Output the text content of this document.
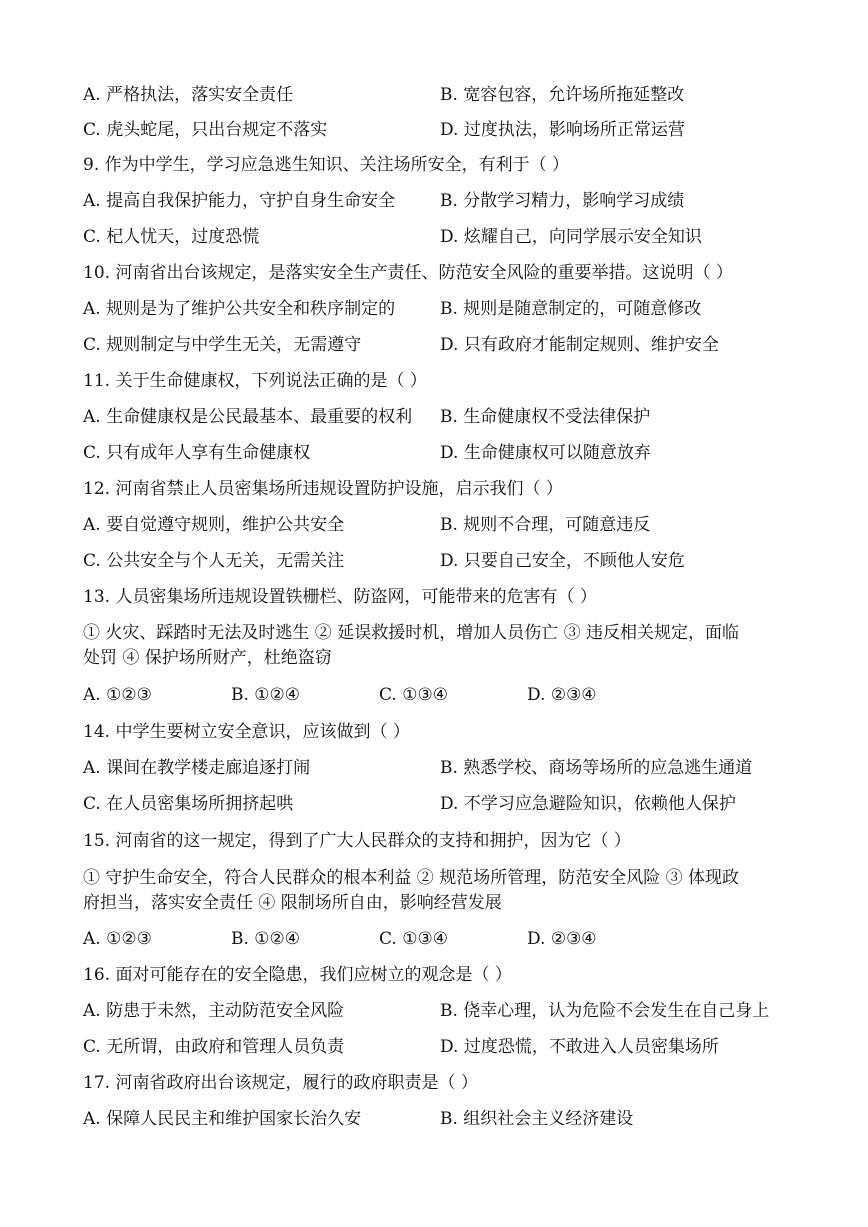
A. 严格执法，落实安全责任	B. 宽容包容，允许场所拖延整改
C. 虎头蛇尾，只出台规定不落实	D. 过度执法，影响场所正常运营
9. 作为中学生，学习应急逃生知识、关注场所安全，有利于（ ）
A. 提高自我保护能力，守护自身生命安全	B. 分散学习精力，影响学习成绩
C. 杞人忧天，过度恐慌	D. 炫耀自己，向同学展示安全知识
10. 河南省出台该规定，是落实安全生产责任、防范安全风险的重要举措。这说明（ ）
A. 规则是为了维护公共安全和秩序制定的	B. 规则是随意制定的，可随意修改
C. 规则制定与中学生无关，无需遵守	D. 只有政府才能制定规则、维护安全
11. 关于生命健康权，下列说法正确的是（ ）
A. 生命健康权是公民最基本、最重要的权利 B. 生命健康权不受法律保护
C. 只有成年人享有生命健康权	D. 生命健康权可以随意放弃
12. 河南省禁止人员密集场所违规设置防护设施，启示我们（ ）
A. 要自觉遵守规则，维护公共安全	B. 规则不合理，可随意违反
C. 公共安全与个人无关，无需关注	D. 只要自己安全，不顾他人安危
13. 人员密集场所违规设置铁栅栏、防盗网，可能带来的危害有（ ）
① 火灾、踩踏时无法及时逃生 ② 延误救援时机，增加人员伤亡 ③ 违反相关规定，面临
处罚 ④ 保护场所财产，杜绝盗窃
A. ①②③	B. ①②④	C. ①③④	D. ②③④
14. 中学生要树立安全意识，应该做到（ ）
A. 课间在教学楼走廊追逐打闹	B. 熟悉学校、商场等场所的应急逃生通道
C. 在人员密集场所拥挤起哄	D. 不学习应急避险知识，依赖他人保护
15. 河南省的这一规定，得到了广大人民群众的支持和拥护，因为它（ ）
① 守护生命安全，符合人民群众的根本利益 ② 规范场所管理，防范安全风险 ③ 体现政
府担当，落实安全责任 ④ 限制场所自由，影响经营发展
A. ①②③	B. ①②④	C. ①③④	D. ②③④
16. 面对可能存在的安全隐患，我们应树立的观念是（ ）
A. 防患于未然，主动防范安全风险	B. 侥幸心理，认为危险不会发生在自己身上
C. 无所谓，由政府和管理人员负责	D. 过度恐慌，不敢进入人员密集场所
17. 河南省政府出台该规定，履行的政府职责是（ ）
A. 保障人民民主和维护国家长治久安	B. 组织社会主义经济建设
